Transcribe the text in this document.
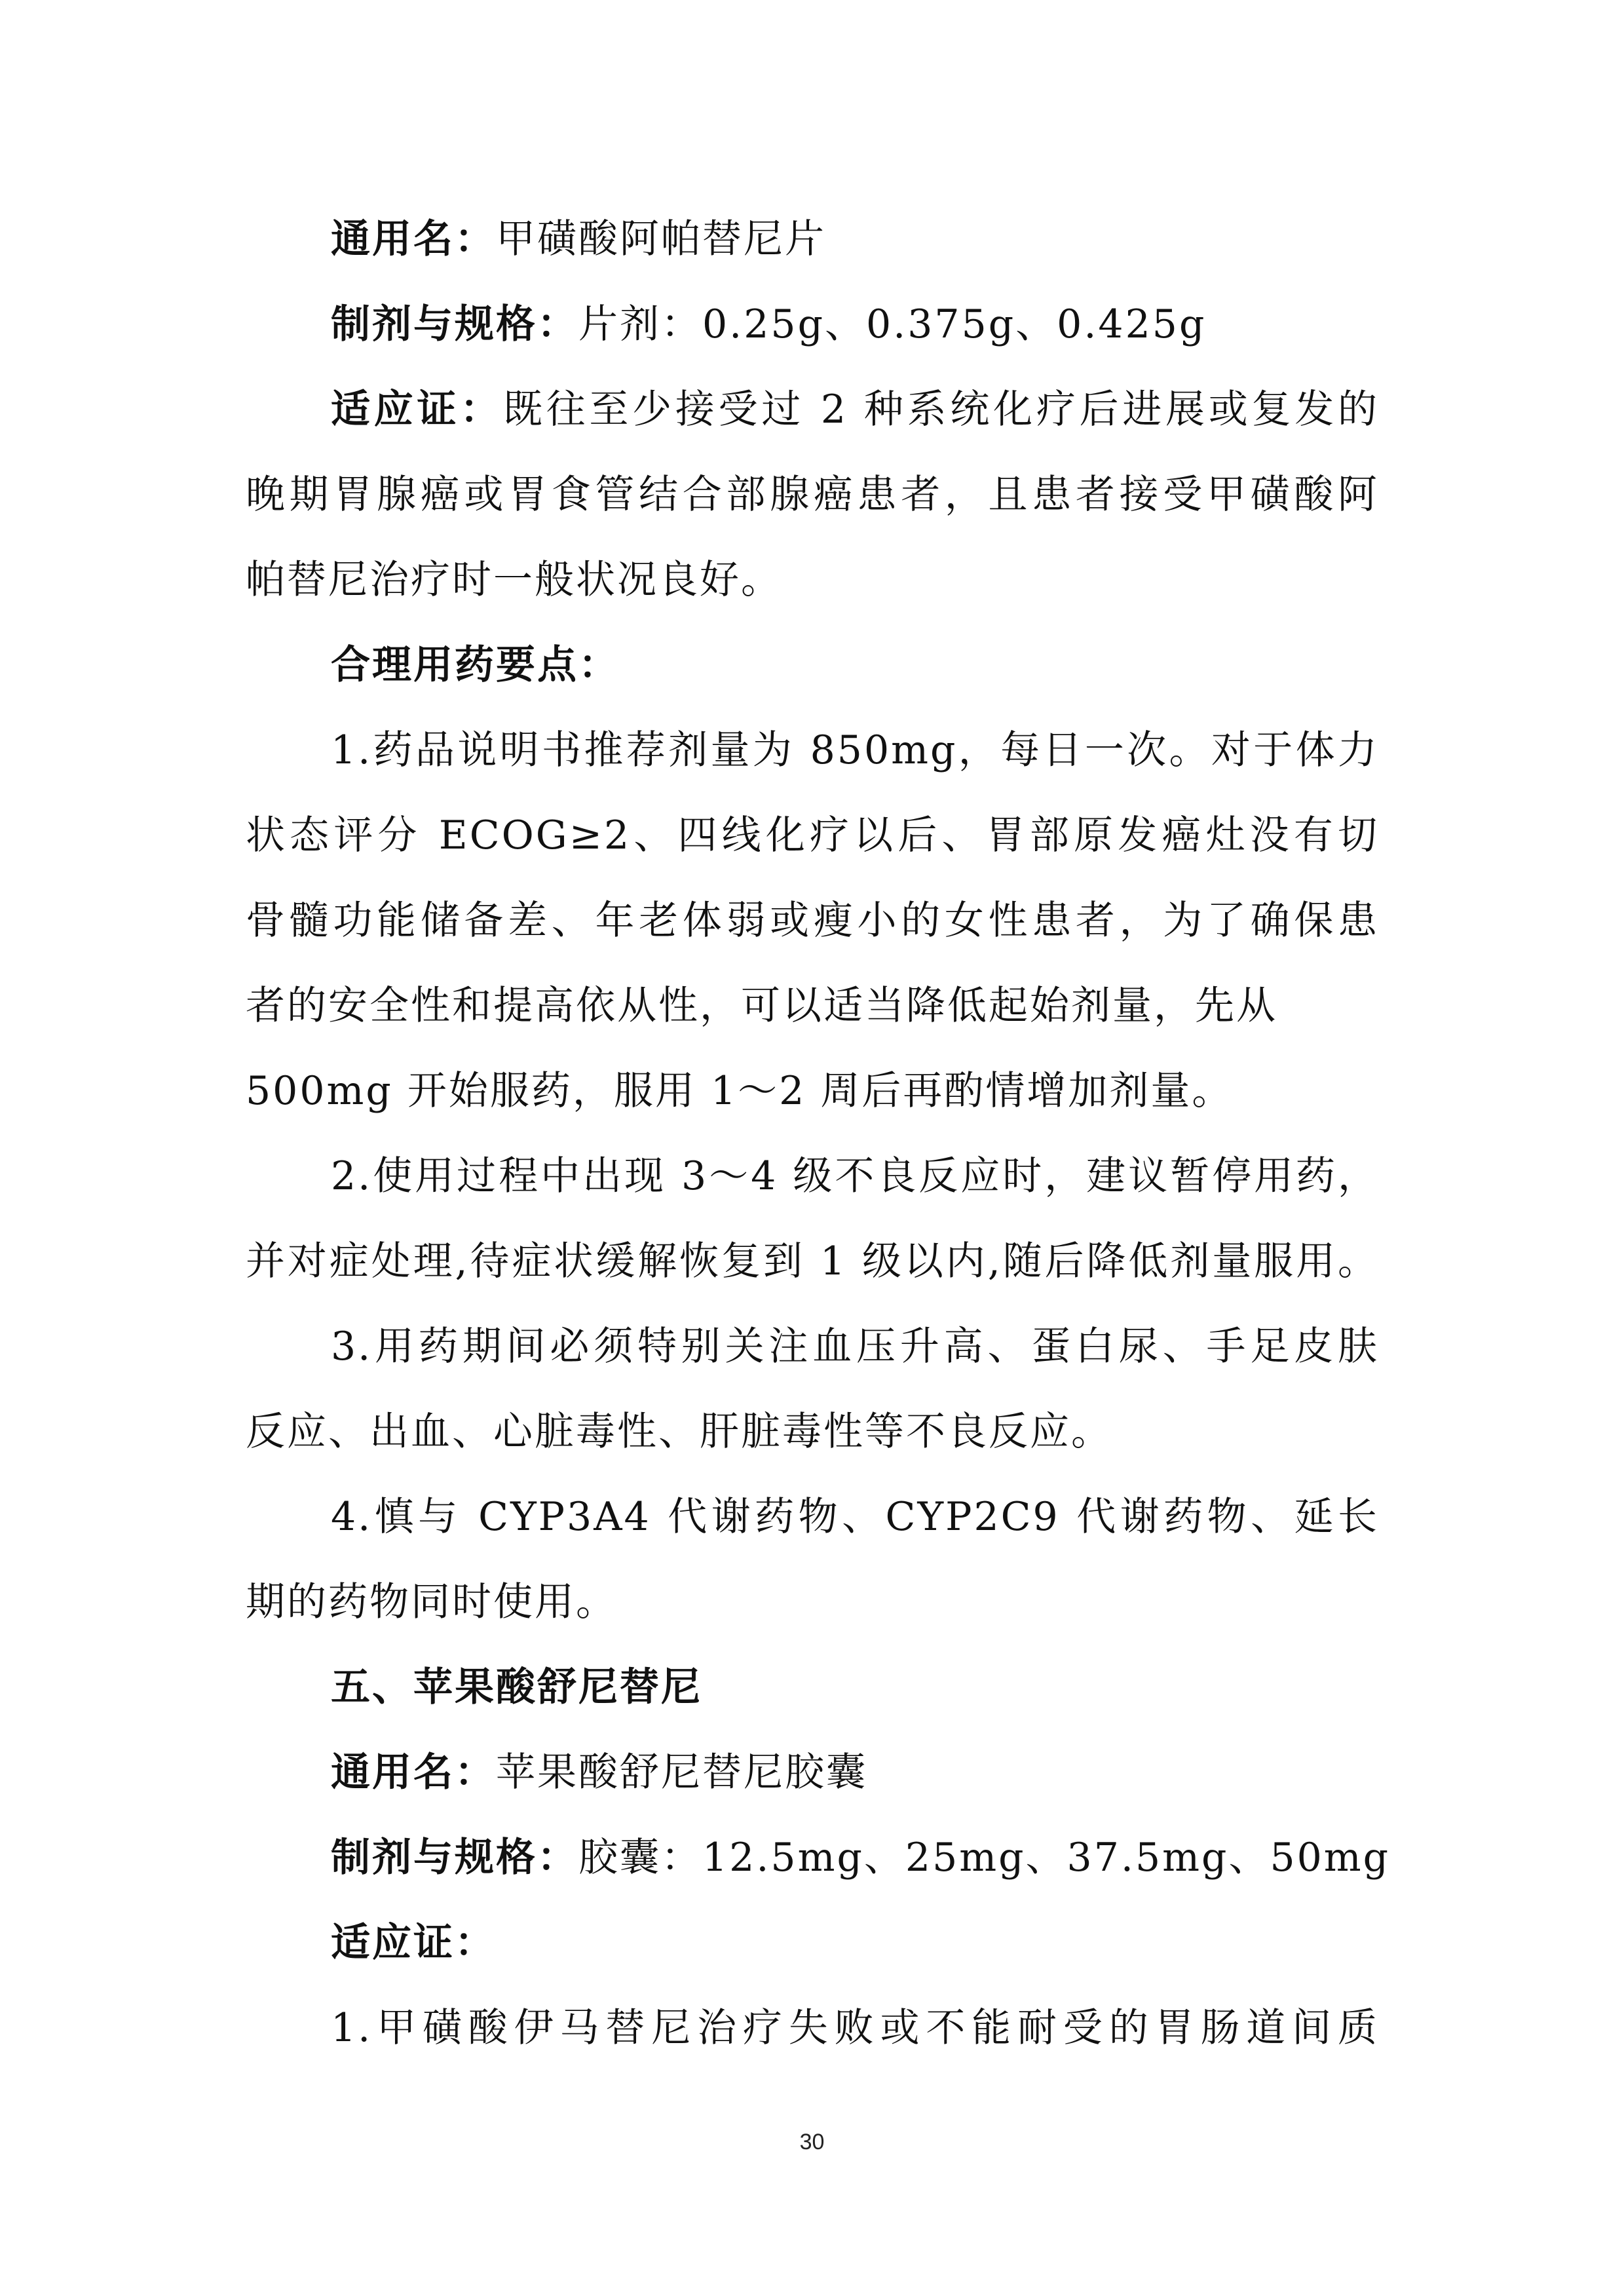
通用名：甲磺酸阿帕替尼片
制剂与规格：片剂：0.25g、0.375g、0.425g
适应证：既往至少接受过 2 种系统化疗后进展或复发的
晚期胃腺癌或胃食管结合部腺癌患者，且患者接受甲磺酸阿
帕替尼治疗时一般状况良好。
合理用药要点：
1.药品说明书推荐剂量为 850mg，每日一次。对于体力
状态评分 ECOG≥2、四线化疗以后、胃部原发癌灶没有切
骨髓功能储备差、年老体弱或瘦小的女性患者，为了确保患
者的安全性和提高依从性，可以适当降低起始剂量，先从
500mg 开始服药，服用 1～2 周后再酌情增加剂量。
2.使用过程中出现 3～4 级不良反应时，建议暂停用药，
并对症处理,待症状缓解恢复到 1 级以内,随后降低剂量服用。
3.用药期间必须特别关注血压升高、蛋白尿、手足皮肤
反应、出血、心脏毒性、肝脏毒性等不良反应。
4.慎与 CYP3A4 代谢药物、CYP2C9 代谢药物、延长
期的药物同时使用。
五、苹果酸舒尼替尼
通用名：苹果酸舒尼替尼胶囊
制剂与规格：胶囊：12.5mg、25mg、37.5mg、50mg
适应证：
1.甲磺酸伊马替尼治疗失败或不能耐受的胃肠道间质
30
